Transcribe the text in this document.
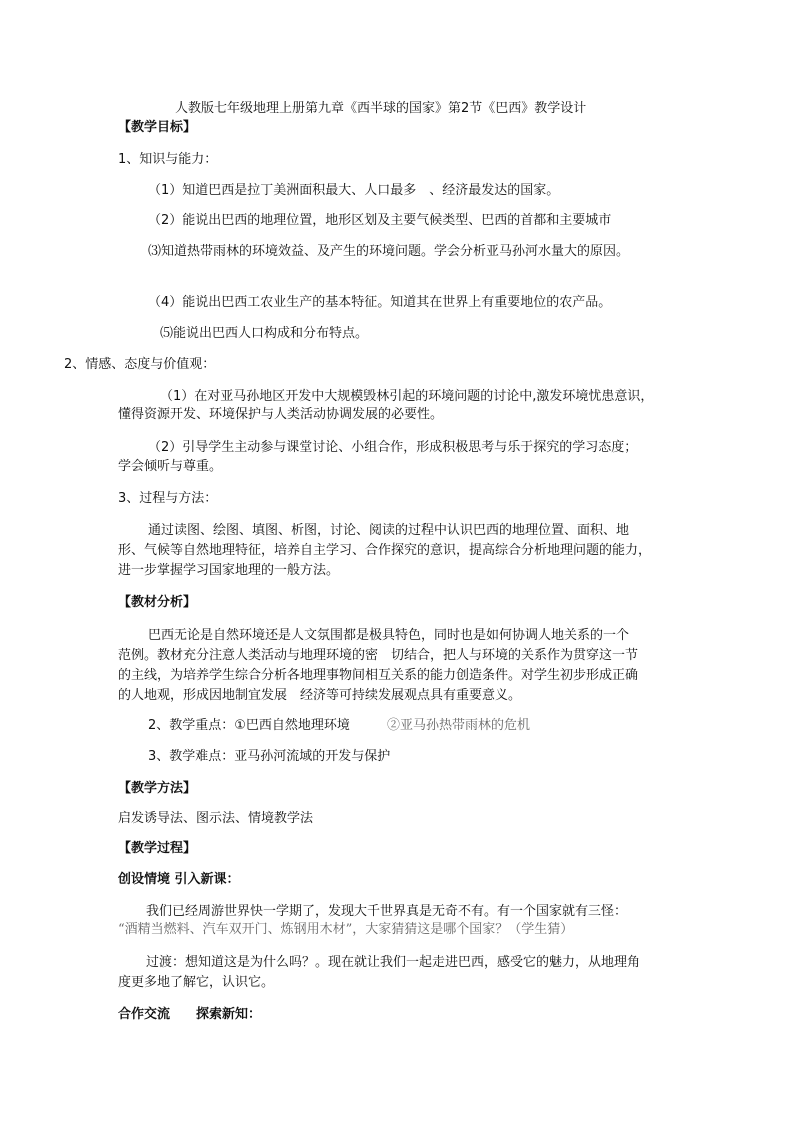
人教版七年级地理上册第九章《西半球的国家》第2节《巴西》教学设计
【教学目标】
1、知识与能力：
（1）知道巴西是拉丁美洲面积最大、人口最多　、经济最发达的国家。
（2）能说出巴西的地理位置，地形区划及主要气候类型、巴西的首都和主要城市
⑶知道热带雨林的环境效益、及产生的环境问题。学会分析亚马孙河水量大的原因。
（4）能说出巴西工农业生产的基本特征。知道其在世界上有重要地位的农产品。
⑸能说出巴西人口构成和分布特点。
2、情感、态度与价值观：
（1）在对亚马孙地区开发中大规模毁林引起的环境问题的讨论中,激发环境忧患意识，
懂得资源开发、环境保护与人类活动协调发展的必要性。
（2）引导学生主动参与课堂讨论、小组合作，形成积极思考与乐于探究的学习态度；
学会倾听与尊重。
3、过程与方法：
通过读图、绘图、填图、析图，讨论、阅读的过程中认识巴西的地理位置、面积、地
形、气候等自然地理特征，培养自主学习、合作探究的意识，提高综合分析地理问题的能力，
进一步掌握学习国家地理的一般方法。
【教材分析】
巴西无论是自然环境还是人文氛围都是极具特色，同时也是如何协调人地关系的一个
范例。教材充分注意人类活动与地理环境的密　切结合，把人与环境的关系作为贯穿这一节
的主线，为培养学生综合分析各地理事物间相互关系的能力创造条件。对学生初步形成正确
的人地观，形成因地制宜发展　经济等可持续发展观点具有重要意义。
2、教学重点：①巴西自然地理环境	②亚马孙热带雨林的危机
3、教学难点：亚马孙河流域的开发与保护
【教学方法】
启发诱导法、图示法、情境教学法
【教学过程】
创设情境 引入新课：
我们已经周游世界快一学期了，发现大千世界真是无奇不有。有一个国家就有三怪：
“酒精当燃料、汽车双开门、炼钢用木材”，大家猜猜这是哪个国家？（学生猜）
过渡：想知道这是为什么吗？。现在就让我们一起走进巴西，感受它的魅力，从地理角
度更多地了解它，认识它。
合作交流　　探索新知：
